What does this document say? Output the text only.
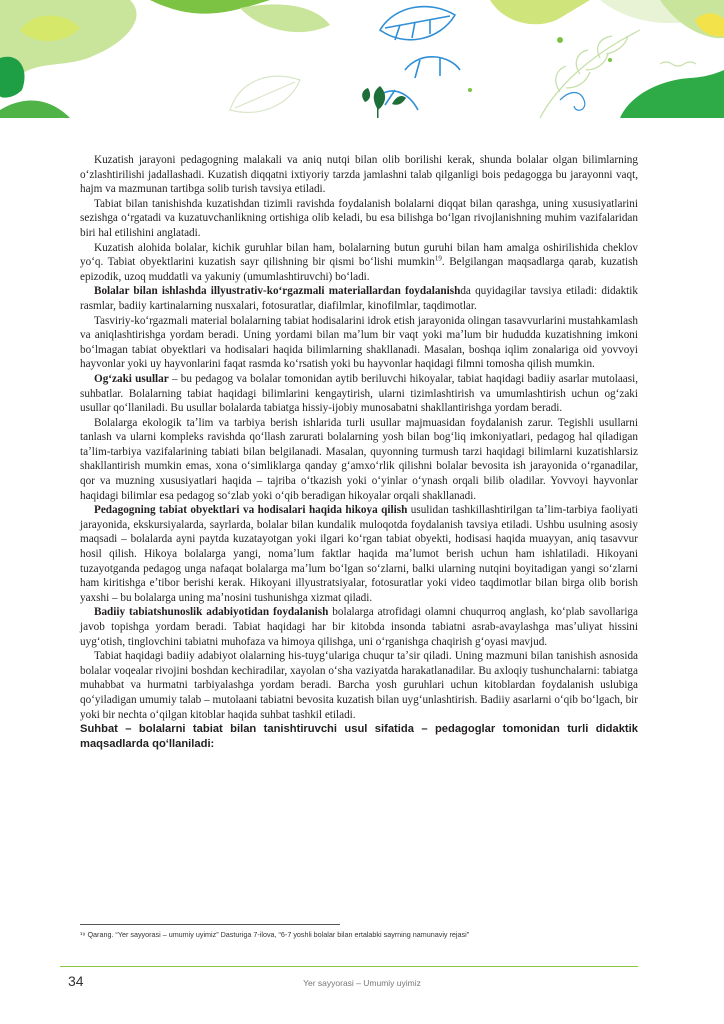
Kuzatish jarayoni pedagogning malakali va aniq nutqi bilan olib borilishi kerak, shunda bolalar olgan bilimlarning oʻzlashtirilishi jadallashadi. Kuzatish diqqatni ixtiyoriy tarzda jamlashni talab qilganligi bois pedagogga bu jarayonni vaqt, hajm va mazmunan tartibga solib turish tavsiya etiladi.

Tabiat bilan tanishishda kuzatishdan tizimli ravishda foydalanish bolalarni diqqat bilan qarashga, uning xususiyatlarini sezishga oʻrgatadi va kuzatuvchanlikning ortishiga olib keladi, bu esa bilishga boʻlgan rivojlanishning muhim vazifalaridan biri hal etilishini anglatadi.

Kuzatish alohida bolalar, kichik guruhlar bilan ham, bolalarning butun guruhi bilan ham amalga oshirilishida cheklov yoʻq. Tabiat obyektlarini kuzatish sayr qilishning bir qismi boʻlishi mumkin$^{19}$. Belgilangan maqsadlarga qarab, kuzatish epizodik, uzoq muddatli va yakuniy (umumlashtiruvchi) boʻladi.

Bolalar bilan ishlashda illyustrativ-koʻrgazmali materiallardan foydalanishda quyidagilar tavsiya etiladi: didaktik rasmlar, badiiy kartinalarning nusxalari, fotosuratlar, diafilmlar, kinofilmlar, taqdimotlar.

Tasviriy-koʻrgazmali material bolalarning tabiat hodisalarini idrok etish jarayonida olingan tasavvurlarini mustahkamlash va aniqlashtirishga yordam beradi. Uning yordami bilan maʼlum bir vaqt yoki maʼlum bir hududda kuzatishning imkoni boʻlmagan tabiat obyektlari va hodisalari haqida bilimlarning shakllanadi. Masalan, boshqa iqlim zonalariga oid yovvoyi hayvonlar yoki uy hayvonlarini faqat rasmda koʻrsatish yoki bu hayvonlar haqidagi filmni tomosha qilish mumkin.

Ogʻzaki usullar – bu pedagog va bolalar tomonidan aytib beriluvchi hikoyalar, tabiat haqidagi badiiy asarlar mutolaasi, suhbatlar. Bolalarning tabiat haqidagi bilimlarini kengaytirish, ularni tizimlashtirish va umumlashtirish uchun ogʻzaki usullar qoʻllaniladi. Bu usullar bolalarda tabiatga hissiy-ijobiy munosabatni shakllantirishga yordam beradi.

Bolalarga ekologik taʼlim va tarbiya berish ishlarida turli usullar majmuasidan foydalanish zarur. Tegishli usullarni tanlash va ularni kompleks ravishda qoʻllash zarurati bolalarning yosh bilan bogʻliq imkoniyatlari, pedagog hal qiladigan taʼlim-tarbiya vazifalarining tabiati bilan belgilanadi. Masalan, quyonning turmush tarzi haqidagi bilimlarni kuzatishlarsiz shakllantirish mumkin emas, xona oʻsimliklarga qanday gʻamxoʻrlik qilishni bolalar bevosita ish jarayonida oʻrganadilar, qor va muzning xususiyatlari haqida – tajriba oʻtkazish yoki oʻyinlar oʻynash orqali bilib oladilar. Yovvoyi hayvonlar haqidagi bilimlar esa pedagog soʻzlab yoki oʻqib beradigan hikoyalar orqali shakllanadi.

Pedagogning tabiat obyektlari va hodisalari haqida hikoya qilish usulidan tashkillashtirilgan taʼlim-tarbiya faoliyati jarayonida, ekskursiyalarda, sayrlarda, bolalar bilan kundalik muloqotda foydalanish tavsiya etiladi. Ushbu usulning asosiy maqsadi – bolalarda ayni paytda kuzatayotgan yoki ilgari koʻrgan tabiat obyekti, hodisasi haqida muayyan, aniq tasavvur hosil qilish. Hikoya bolalarga yangi, nomaʼlum faktlar haqida maʼlumot berish uchun ham ishlatiladi. Hikoyani tuzayotganda pedagog unga nafaqat bolalarga maʼlum boʻlgan soʻzlarni, balki ularning nutqini boyitadigan yangi soʻzlarni ham kiritishga eʼtibor berishi kerak. Hikoyani illyustratsiyalar, fotosuratlar yoki video taqdimotlar bilan birga olib borish yaxshi – bu bolalarga uning maʼnosini tushunishga xizmat qiladi.

Badiiy tabiatshunoslik adabiyotidan foydalanish bolalarga atrofidagi olamni chuqurroq anglash, koʻplab savollariga javob topishga yordam beradi. Tabiat haqidagi har bir kitobda insonda tabiatni asrab-avaylashga masʼuliyat hissini uygʻotish, tinglovchini tabiatni muhofaza va himoya qilishga, uni oʻrganishga chaqirish gʻoyasi mavjud.

Tabiat haqidagi badiiy adabiyot olalarning his-tuygʻulariga chuqur taʼsir qiladi. Uning mazmuni bilan tanishish asnosida bolalar voqealar rivojini boshdan kechiradilar, xayolan oʻsha vaziyatda harakatlanadilar. Bu axloqiy tushunchalarni: tabiatga muhabbat va hurmatni tarbiyalashga yordam beradi. Barcha yosh guruhlari uchun kitoblardan foydalanish uslubiga qoʻyiladigan umumiy talab – mutolaani tabiatni bevosita kuzatish bilan uygʻunlashtirish. Badiiy asarlarni oʻqib boʻlgach, bir yoki bir nechta oʻqilgan kitoblar haqida suhbat tashkil etiladi.

Suhbat – bolalarni tabiat bilan tanishtiruvchi usul sifatida – pedagoglar tomonidan turli didaktik maqsadlarda qoʻllaniladi:

¹⁹ Qarang. “Yer sayyorasi – umumiy uyimiz” Dasturiga 7-ilova, “6-7 yoshli bolalar bilan ertalabki sayrning namunaviy rejasi”
34	Yer sayyorasi – Umumiy uyimiz
